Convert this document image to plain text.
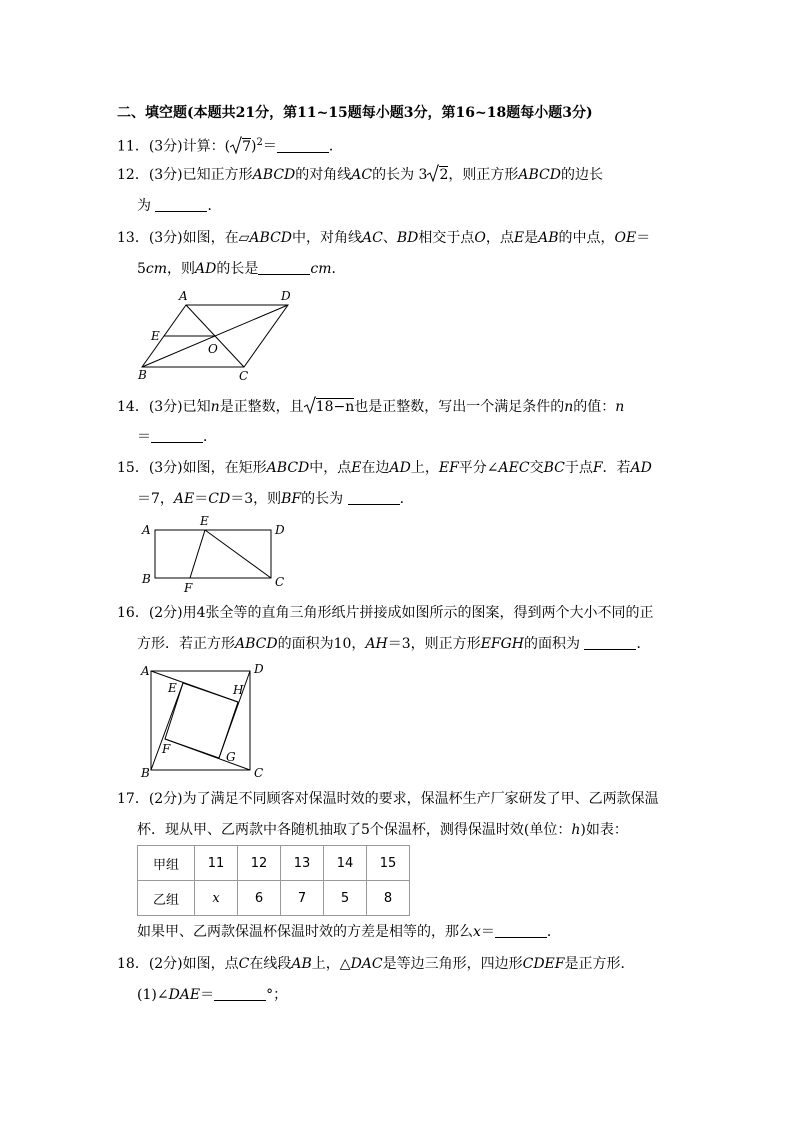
二、填空题(本题共21分，第11~15题每小题3分，第16~18题每小题3分)
11．(3分)计算：( 7)$^2$＝	．
12．(3分)已知正方形ABCD的对角线AC的长为 3 2，则正方形ABCD的边长
为	．
13．(3分)如图，在▱ABCD中，对角线AC、BD相交于点O，点E是AB的中点，OE＝
5cm，则AD的长是	cm．
A	D
E
O
B	C
14．(3分)已知n是正整数，且 18−n也是正整数，写出一个满足条件的n的值：n
＝	．
15．(3分)如图，在矩形ABCD中，点E在边AD上，EF平分∠AEC交BC于点F．若AD
＝7，AE＝CD＝3，则BF的长为	．
A
E
D
B
F	C
16．(2分)用4张全等的直角三角形纸片拼接成如图所示的图案，得到两个大小不同的正
方形．若正方形ABCD的面积为10，AH＝3，则正方形EFGH的面积为	．
A	D
E	H
F
G
B	C
17．(2分)为了满足不同顾客对保温时效的要求，保温杯生产厂家研发了甲、乙两款保温
杯．现从甲、乙两款中各随机抽取了5个保温杯，测得保温时效(单位：h)如表：
甲组	11	12	13	14	15
乙组	x	6	7	5	8
如果甲、乙两款保温杯保温时效的方差是相等的，那么x＝	．
18．(2分)如图，点C在线段AB上，△DAC是等边三角形，四边形CDEF是正方形．
(1)∠DAE＝	°；
